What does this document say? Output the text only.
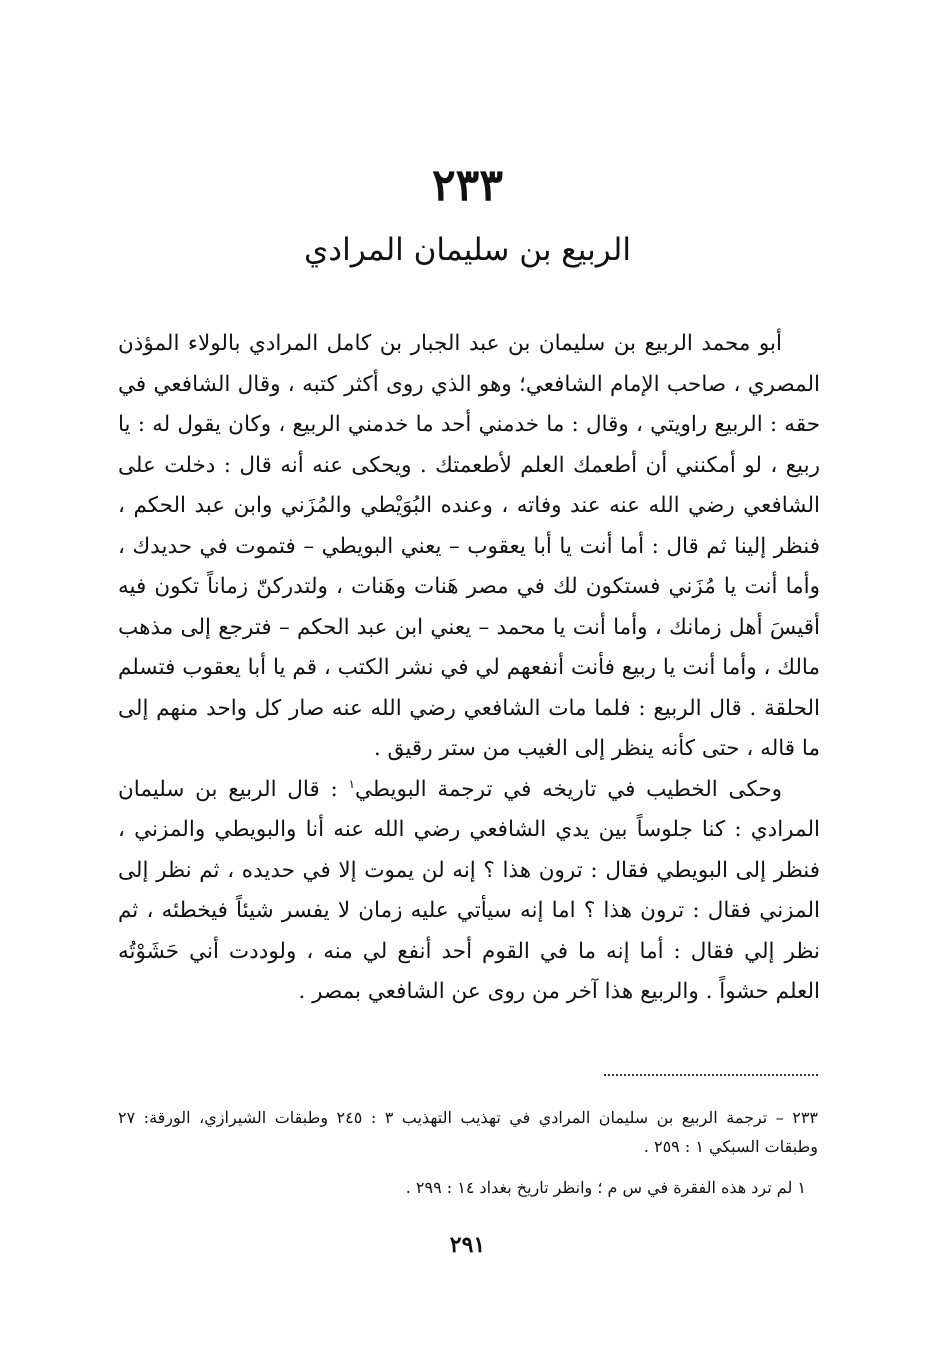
٢٣٣
الربيع بن سليمان المرادي

أبو محمد الربيع بن سليمان بن عبد الجبار بن كامل المرادي بالولاء المؤذن المصري ، صاحب الإمام الشافعي؛ وهو الذي روى أكثر كتبه ، وقال الشافعي في حقه : الربيع راويتي ، وقال : ما خدمني أحد ما خدمني الربيع ، وكان يقول له : يا ربيع ، لو أمكنني أن أطعمك العلم لأطعمتك . ويحكى عنه أنه قال : دخلت على الشافعي رضي الله عنه عند وفاته ، وعنده البُوَيْطي والمُزَني وابن عبد الحكم ، فنظر إلينا ثم قال : أما أنت يا أبا يعقوب – يعني البويطي – فتموت في حديدك ، وأما أنت يا مُزَني فستكون لك في مصر هَنات وهَنات ، ولتدركنّ زماناً تكون فيه أقيسَ أهل زمانك ، وأما أنت يا محمد – يعني ابن عبد الحكم – فترجع إلى مذهب مالك ، وأما أنت يا ربيع فأنت أنفعهم لي في نشر الكتب ، قم يا أبا يعقوب فتسلم الحلقة . قال الربيع : فلما مات الشافعي رضي الله عنه صار كل واحد منهم إلى ما قاله ، حتى كأنه ينظر إلى الغيب من ستر رقيق .

وحكى الخطيب في تاريخه في ترجمة البويطي$^١$ : قال الربيع بن سليمان المرادي : كنا جلوساً بين يدي الشافعي رضي الله عنه أنا والبويطي والمزني ، فنظر إلى البويطي فقال : ترون هذا ؟ إنه لن يموت إلا في حديده ، ثم نظر إلى المزني فقال : ترون هذا ؟ اما إنه سيأتي عليه زمان لا يفسر شيئاً فيخطئه ، ثم نظر إلي فقال : أما إنه ما في القوم أحد أنفع لي منه ، ولوددت أني حَشَوْتُه العلم حشواً . والربيع هذا آخر من روى عن الشافعي بمصر .

٢٣٣ – ترجمة الربيع بن سليمان المرادي في تهذيب التهذيب ٣ : ٢٤٥ وطبقات الشيرازي، الورقة: ٢٧ وطبقات السبكي ١ : ٢٥٩ .

١ لم ترد هذه الفقرة في س م ؛ وانظر تاريخ بغداد ١٤ : ٢٩٩ .

٢٩١
